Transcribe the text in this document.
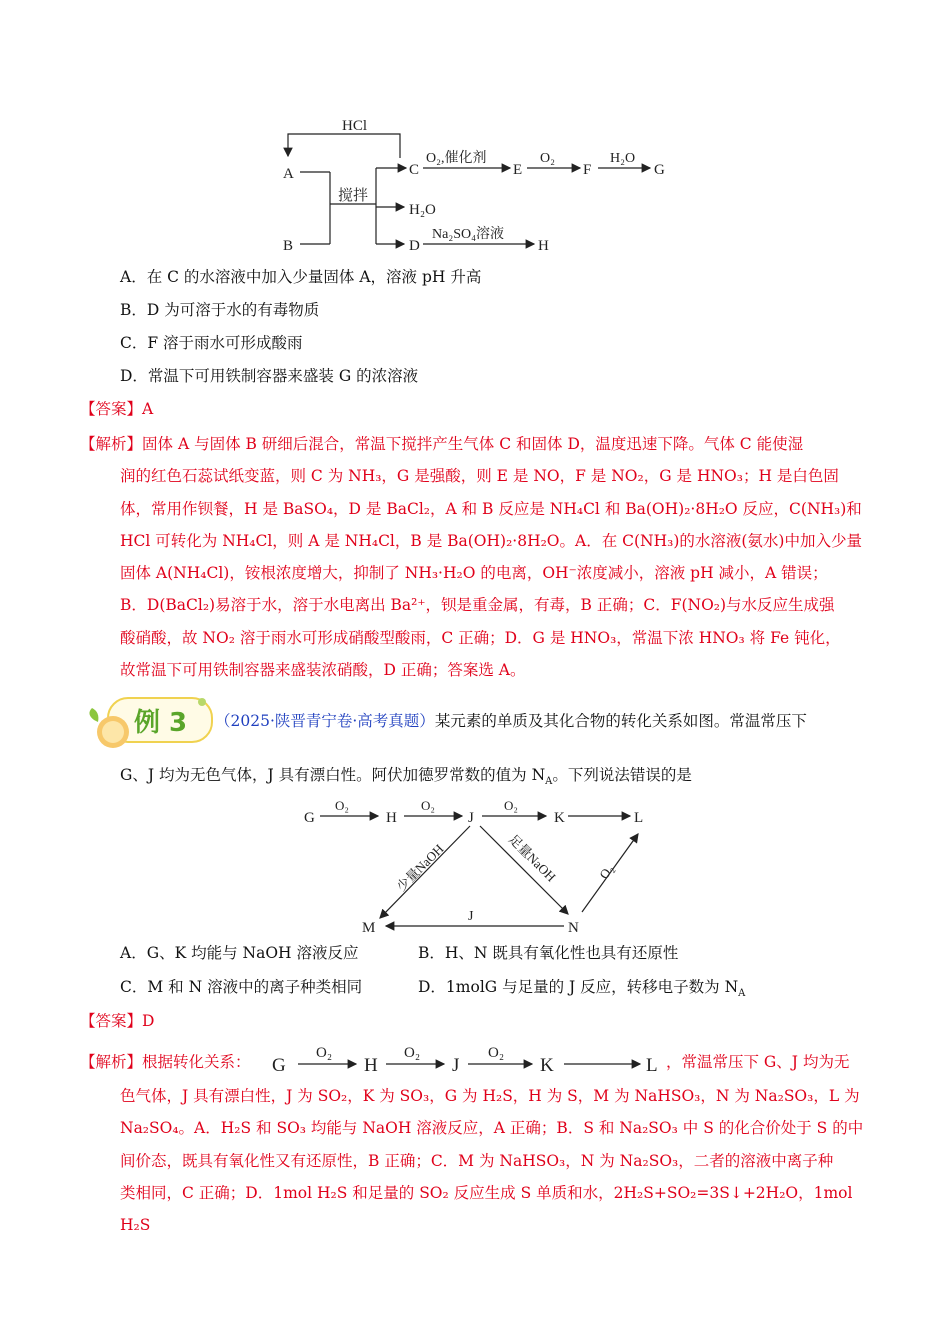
HCl
A
B
搅拌
C
O₂,催化剂
E
O₂
F
H₂O
G
H₂O
D
Na₂SO₄溶液
H
A．在 C 的水溶液中加入少量固体 A，溶液 pH 升高
B．D 为可溶于水的有毒物质
C．F 溶于雨水可形成酸雨
D．常温下可用铁制容器来盛装 G 的浓溶液
【答案】A
【解析】固体 A 与固体 B 研细后混合，常温下搅拌产生气体 C 和固体 D，温度迅速下降。气体 C 能使湿
润的红色石蕊试纸变蓝，则 C 为 NH₃，G 是强酸，则 E 是 NO，F 是 NO₂，G 是 HNO₃；H 是白色固
体，常用作钡餐，H 是 BaSO₄，D 是 BaCl₂，A 和 B 反应是 NH₄Cl 和 Ba(OH)₂·8H₂O 反应，C(NH₃)和
HCl 可转化为 NH₄Cl，则 A 是 NH₄Cl，B 是 Ba(OH)₂·8H₂O。A．在 C(NH₃)的水溶液(氨水)中加入少量
固体 A(NH₄Cl)，铵根浓度增大，抑制了 NH₃·H₂O 的电离，OH⁻浓度减小，溶液 pH 减小，A 错误；
B．D(BaCl₂)易溶于水，溶于水电离出 Ba²⁺，钡是重金属，有毒，B 正确；C．F(NO₂)与水反应生成强
酸硝酸，故 NO₂ 溶于雨水可形成硝酸型酸雨，C 正确；D．G 是 HNO₃，常温下浓 HNO₃ 将 Fe 钝化，
故常温下可用铁制容器来盛装浓硝酸，D 正确；答案选 A。
例 3 （2025·陕晋青宁卷·高考真题）某元素的单质及其化合物的转化关系如图。常温常压下
G、J 均为无色气体，J 具有漂白性。阿伏加德罗常数的值为 $N_A$。下列说法错误的是
G
O₂
H
O₂
J
O₂
K	L
M	N
J
少量NaOH	足量NaOH	O₂
A．G、K 均能与 NaOH 溶液反应	B．H、N 既具有氧化性也具有还原性
C．M 和 N 溶液中的离子种类相同	D．1molG 与足量的 J 反应，转移电子数为 $N_A$
【答案】D
【解析】根据转化关系： G
O₂
H
O₂
J
O₂
K	L ，常温常压下 G、J 均为无
色气体，J 具有漂白性，J 为 SO₂，K 为 SO₃，G 为 H₂S，H 为 S，M 为 NaHSO₃，N 为 Na₂SO₃，L 为
Na₂SO₄。A．H₂S 和 SO₃ 均能与 NaOH 溶液反应，A 正确；B．S 和 Na₂SO₃ 中 S 的化合价处于 S 的中
间价态，既具有氧化性又有还原性，B 正确；C．M 为 NaHSO₃，N 为 Na₂SO₃，二者的溶液中离子种
类相同，C 正确；D．1mol H₂S 和足量的 SO₂ 反应生成 S 单质和水，2H₂S+SO₂=3S↓+2H₂O，1mol H₂S
